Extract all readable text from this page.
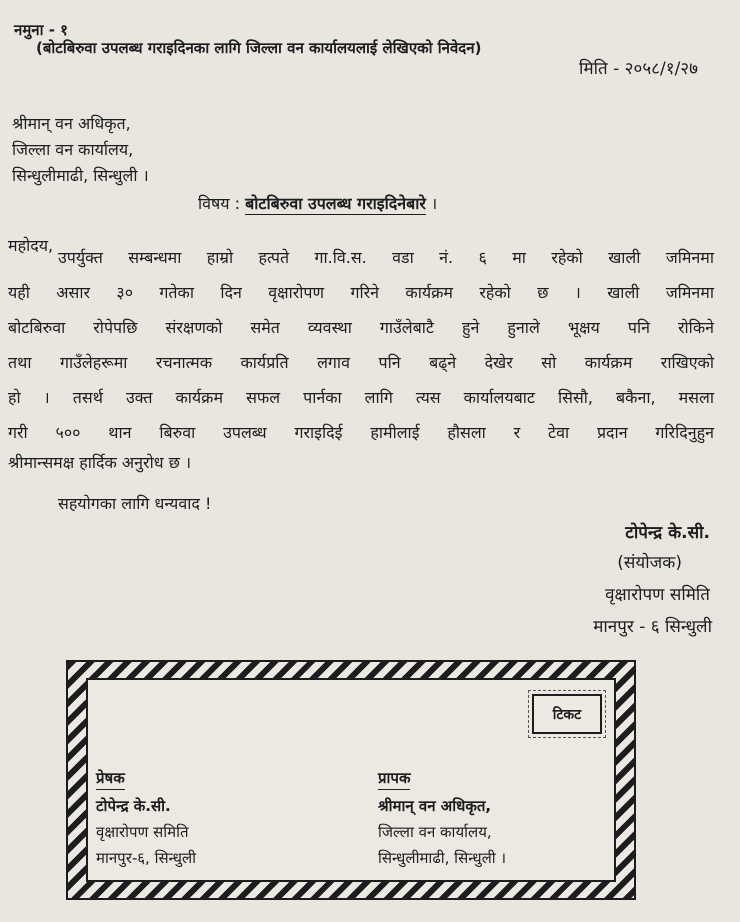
नमुना - १
(बोटबिरुवा उपलब्ध गराइदिनका लागि जिल्ला वन कार्यालयलाई लेखिएको निवेदन)
मिति - २०५८/१/२७
श्रीमान् वन अधिकृत,
जिल्ला वन कार्यालय,
सिन्धुलीमाढी, सिन्धुली ।
विषय : बोटबिरुवा उपलब्ध गराइदिनेबारे ।
महोदय,
उपर्युक्त सम्बन्धमा हाम्रो हत्पते गा.वि.स. वडा नं. ६ मा रहेको खाली जमिनमा
यही असार ३० गतेका दिन वृक्षारोपण गरिने कार्यक्रम रहेको छ । खाली जमिनमा
बोटबिरुवा रोपेपछि संरक्षणको समेत व्यवस्था गाउँलेबाटै हुने हुनाले भूक्षय पनि रोकिने
तथा गाउँलेहरूमा रचनात्मक कार्यप्रति लगाव पनि बढ्ने देखेर सो कार्यक्रम राखिएको
हो । तसर्थ उक्त कार्यक्रम सफल पार्नका लागि त्यस कार्यालयबाट सिसौ, बकैना, मसला
गरी ५०० थान बिरुवा उपलब्ध गराइदिई हामीलाई हौसला र टेवा प्रदान गरिदिनुहुन
श्रीमान्समक्ष हार्दिक अनुरोध छ ।
सहयोगका लागि धन्यवाद !
टोपेन्द्र के.सी.
(संयोजक)
वृक्षारोपण समिति
मानपुर - ६ सिन्धुली
टिकट
प्रेषक
टोपेन्द्र के.सी.
वृक्षारोपण समिति
मानपुर-६, सिन्धुली
प्रापक
श्रीमान् वन अधिकृत,
जिल्ला वन कार्यालय,
सिन्धुलीमाढी, सिन्धुली ।
